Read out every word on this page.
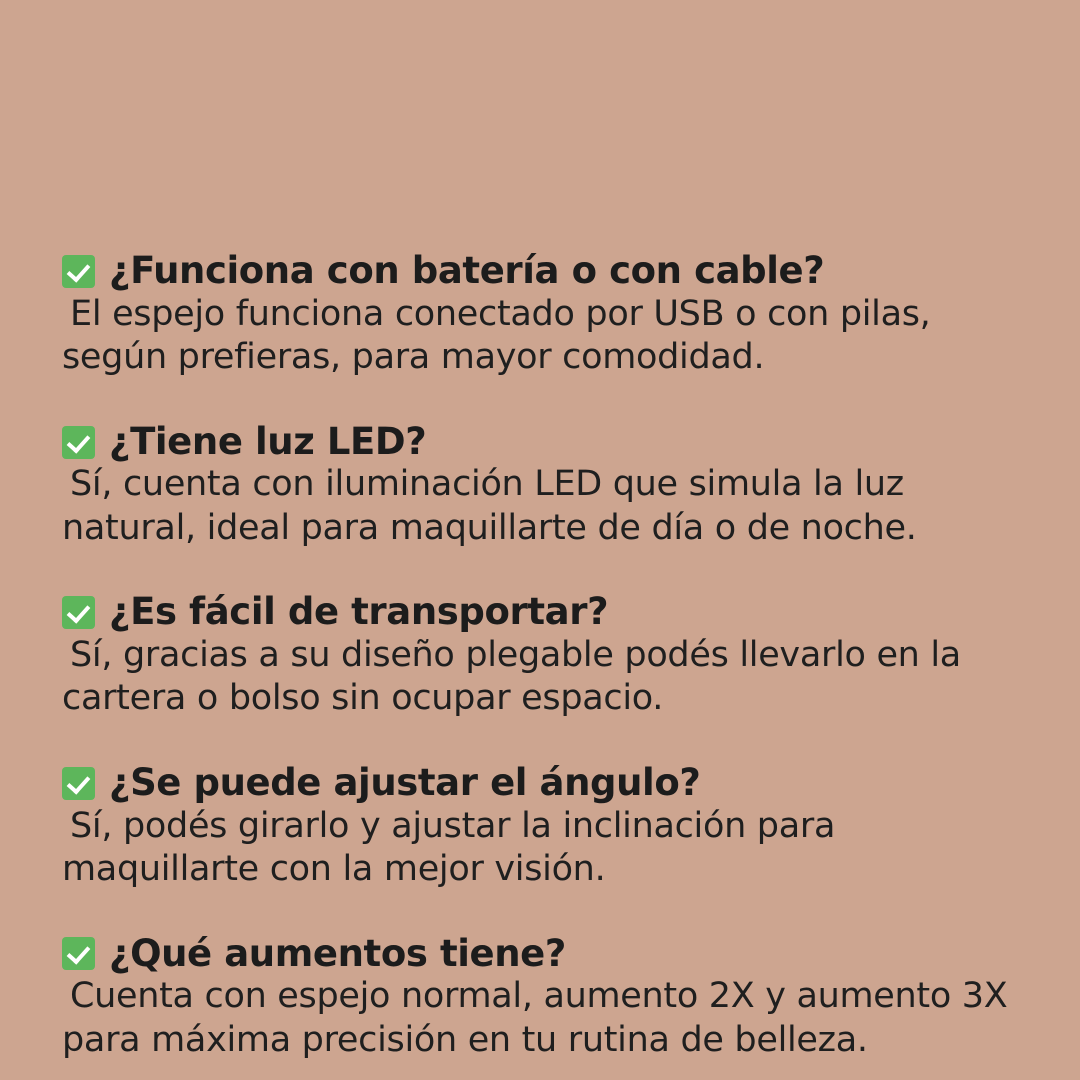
¿Funciona con batería o con cable?
El espejo funciona conectado por USB o con pilas, según prefieras, para mayor comodidad.
¿Tiene luz LED?
Sí, cuenta con iluminación LED que simula la luz natural, ideal para maquillarte de día o de noche.
¿Es fácil de transportar?
Sí, gracias a su diseño plegable podés llevarlo en la cartera o bolso sin ocupar espacio.
¿Se puede ajustar el ángulo?
Sí, podés girarlo y ajustar la inclinación para maquillarte con la mejor visión.
¿Qué aumentos tiene?
Cuenta con espejo normal, aumento 2X y aumento 3X para máxima precisión en tu rutina de belleza.
